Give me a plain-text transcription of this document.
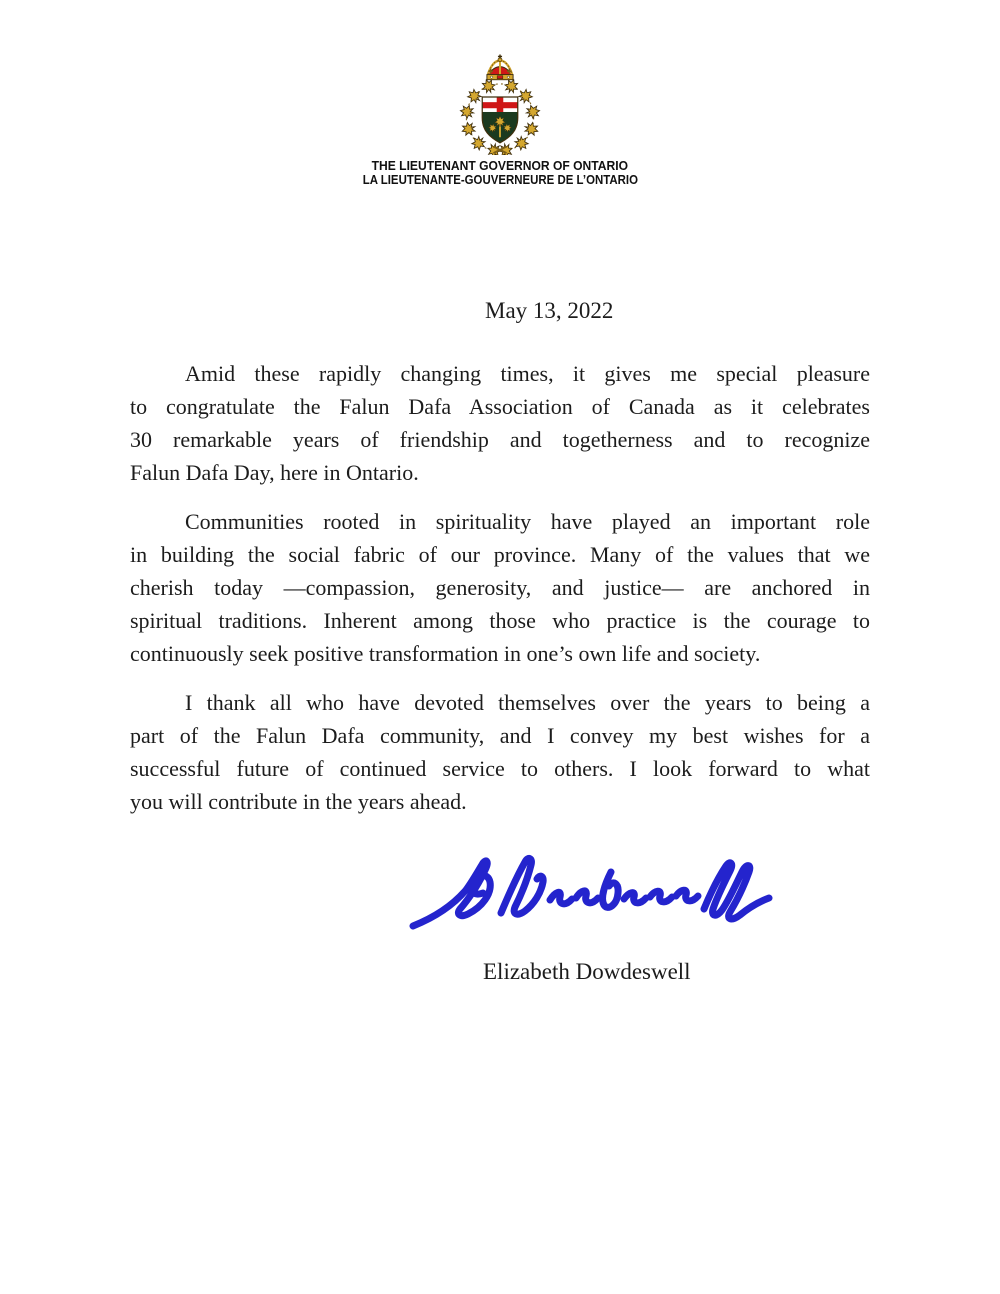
THE LIEUTENANT GOVERNOR OF ONTARIO
LA LIEUTENANTE-GOUVERNEURE DE L’ONTARIO
May 13, 2022
Amid these rapidly changing times, it gives me special pleasure
to congratulate the Falun Dafa Association of Canada as it celebrates
30 remarkable years of friendship and togetherness and to recognize
Falun Dafa Day, here in Ontario.
Communities rooted in spirituality have played an important role
in building the social fabric of our province. Many of the values that we
cherish today —compassion, generosity, and justice— are anchored in
spiritual traditions. Inherent among those who practice is the courage to
continuously seek positive transformation in one’s own life and society.
I thank all who have devoted themselves over the years to being a
part of the Falun Dafa community, and I convey my best wishes for a
successful future of continued service to others. I look forward to what
you will contribute in the years ahead.
Elizabeth Dowdeswell
